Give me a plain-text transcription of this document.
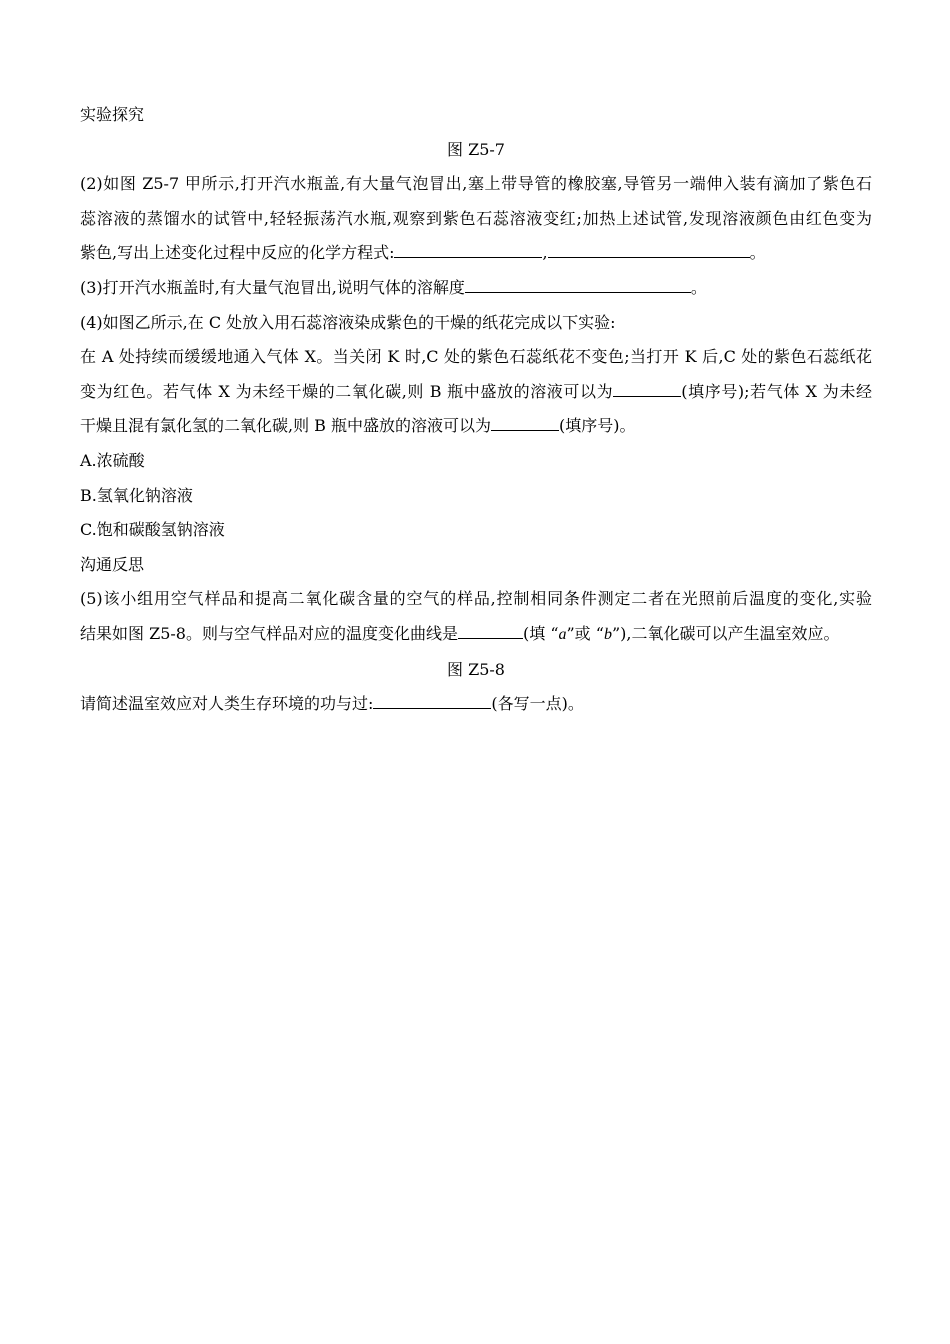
实验探究
图 Z5-7
(2)如图 Z5-7 甲所示,打开汽水瓶盖,有大量气泡冒出,塞上带导管的橡胶塞,导管另一端伸入装有滴加了紫色石
蕊溶液的蒸馏水的试管中,轻轻振荡汽水瓶,观察到紫色石蕊溶液变红;加热上述试管,发现溶液颜色由红色变为
紫色,写出上述变化过程中反应的化学方程式:	,	。
(3)打开汽水瓶盖时,有大量气泡冒出,说明气体的溶解度	。
(4)如图乙所示,在 C 处放入用石蕊溶液染成紫色的干燥的纸花完成以下实验:
在 A 处持续而缓缓地通入气体 X。当关闭 K 时,C 处的紫色石蕊纸花不变色;当打开 K 后,C 处的紫色石蕊纸花
变为红色。若气体 X 为未经干燥的二氧化碳,则 B 瓶中盛放的溶液可以为	(填序号);若气体 X 为未经
干燥且混有氯化氢的二氧化碳,则 B 瓶中盛放的溶液可以为	(填序号)。
A.浓硫酸
B.氢氧化钠溶液
C.饱和碳酸氢钠溶液
沟通反思
(5)该小组用空气样品和提高二氧化碳含量的空气的样品,控制相同条件测定二者在光照前后温度的变化,实验
结果如图 Z5-8。则与空气样品对应的温度变化曲线是	(填 “a”或 “b”),二氧化碳可以产生温室效应。
图 Z5-8
请简述温室效应对人类生存环境的功与过:	(各写一点)。
